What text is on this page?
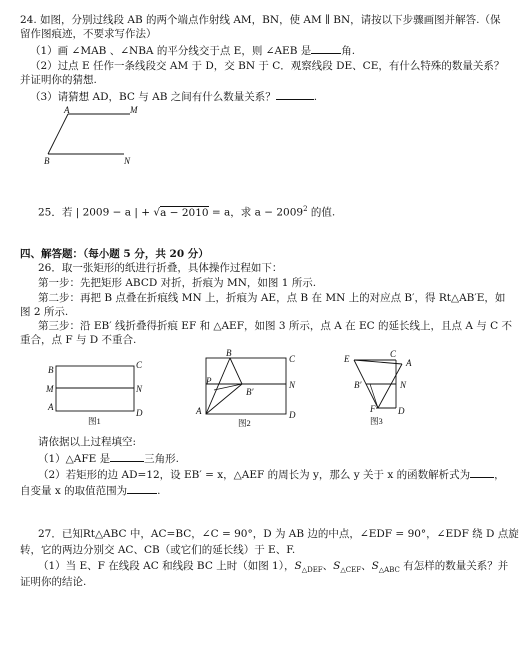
24. 如图，分别过线段 AB 的两个端点作射线 AM，BN，使 AM ∥ BN，请按以下步骤画图并解答.（保
留作图痕迹，不要求写作法）
（1）画 ∠MAB 、∠NBA 的平分线交于点 E，则 ∠AEB 是	角.
（2）过点 E 任作一条线段交 AM 于 D，交 BN 于 C．观察线段 DE、CE，有什么特殊的数量关系？
并证明你的猜想.
（3）请猜想 AD，BC 与 AB 之间有什么数量关系？	.
A	M
B	N
25．若 | 2009 − a | + √a − 2010 = a，求 $a - 2009^2$ 的值.
四、解答题：（每小题 5 分，共 20 分）
26．取一张矩形的纸进行折叠，具体操作过程如下：
第一步：先把矩形 ABCD 对折，折痕为 MN，如图 1 所示.
第二步：再把 B 点叠在折痕线 MN 上，折痕为 AE，点 B 在 MN 上的对应点 B′，得 Rt△AB′E，如
图 2 所示.
第三步：沿 EB′ 线折叠得折痕 EF 和 △AEF，如图 3 所示，点 A 在 EC 的延长线上，且点 A 与 C 不
重合，点 F 与 D 不重合.
B	C
M	N
A
D
图1
B
C
P	N
B′
A	D
图2
E	C
A
B′	N
F	D
图3
请依据以上过程填空:
（1）△AFE 是	三角形.
（2）若矩形的边 AD=12，设 EB′ = x，△AEF 的周长为 y，那么 y 关于 x 的函数解析式为 ，
自变量 x 的取值范围为	.
27．已知Rt△ABC 中，AC=BC，∠C = 90°，D 为 AB 边的中点，∠EDF = 90°，∠EDF 绕 D 点旋
转，它的两边分别交 AC、CB（或它们的延长线）于 E、F.
（1）当 E、F 在线段 AC 和线段 BC 上时（如图 1），$S_{\triangle DEF}$、$S_{\triangle CEF}$、$S_{\triangle ABC}$ 有怎样的数量关系？并
证明你的结论.
